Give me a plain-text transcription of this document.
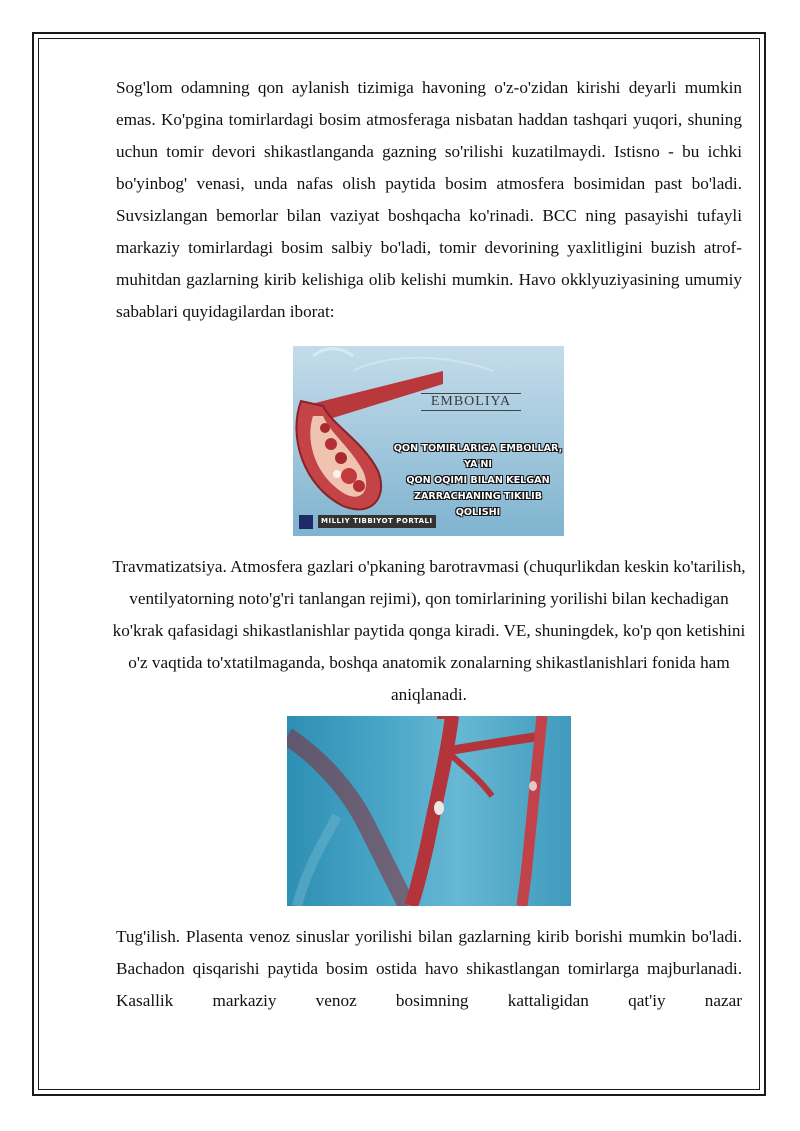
Sog'lom odamning qon aylanish tizimiga havoning o'z-o'zidan kirishi deyarli mumkin emas. Ko'pgina tomirlardagi bosim atmosferaga nisbatan haddan tashqari yuqori, shuning uchun tomir devori shikastlanganda gazning so'rilishi kuzatilmaydi. Istisno - bu ichki bo'yinbog' venasi, unda nafas olish paytida bosim atmosfera bosimidan past bo'ladi. Suvsizlangan bemorlar bilan vaziyat boshqacha ko'rinadi. BCC ning pasayishi tufayli markaziy tomirlardagi bosim salbiy bo'ladi, tomir devorining yaxlitligini buzish atrof-muhitdan gazlarning kirib kelishiga olib kelishi mumkin. Havo okklyuziyasining umumiy sabablari quyidagilardan iborat:
EMBOLIYA
QON TOMIRLARIGA EMBOLLAR, YA'NI
QON OQIMI BILAN KELGAN
ZARRACHANING TIKILIB QOLISHI
MILLIY TIBBIYOT PORTALI
Travmatizatsiya. Atmosfera gazlari o'pkaning barotravmasi (chuqurlikdan keskin ko'tarilish, ventilyatorning noto'g'ri tanlangan rejimi), qon tomirlarining yorilishi bilan kechadigan ko'krak qafasidagi shikastlanishlar paytida qonga kiradi. VE, shuningdek, ko'p qon ketishini o'z vaqtida to'xtatilmaganda, boshqa anatomik zonalarning shikastlanishlari fonida ham aniqlanadi.
Tug'ilish. Plasenta venoz sinuslar yorilishi bilan gazlarning kirib borishi mumkin bo'ladi. Bachadon qisqarishi paytida bosim ostida havo shikastlangan tomirlarga majburlanadi. Kasallik markaziy venoz bosimning kattaligidan qat'iy nazar
